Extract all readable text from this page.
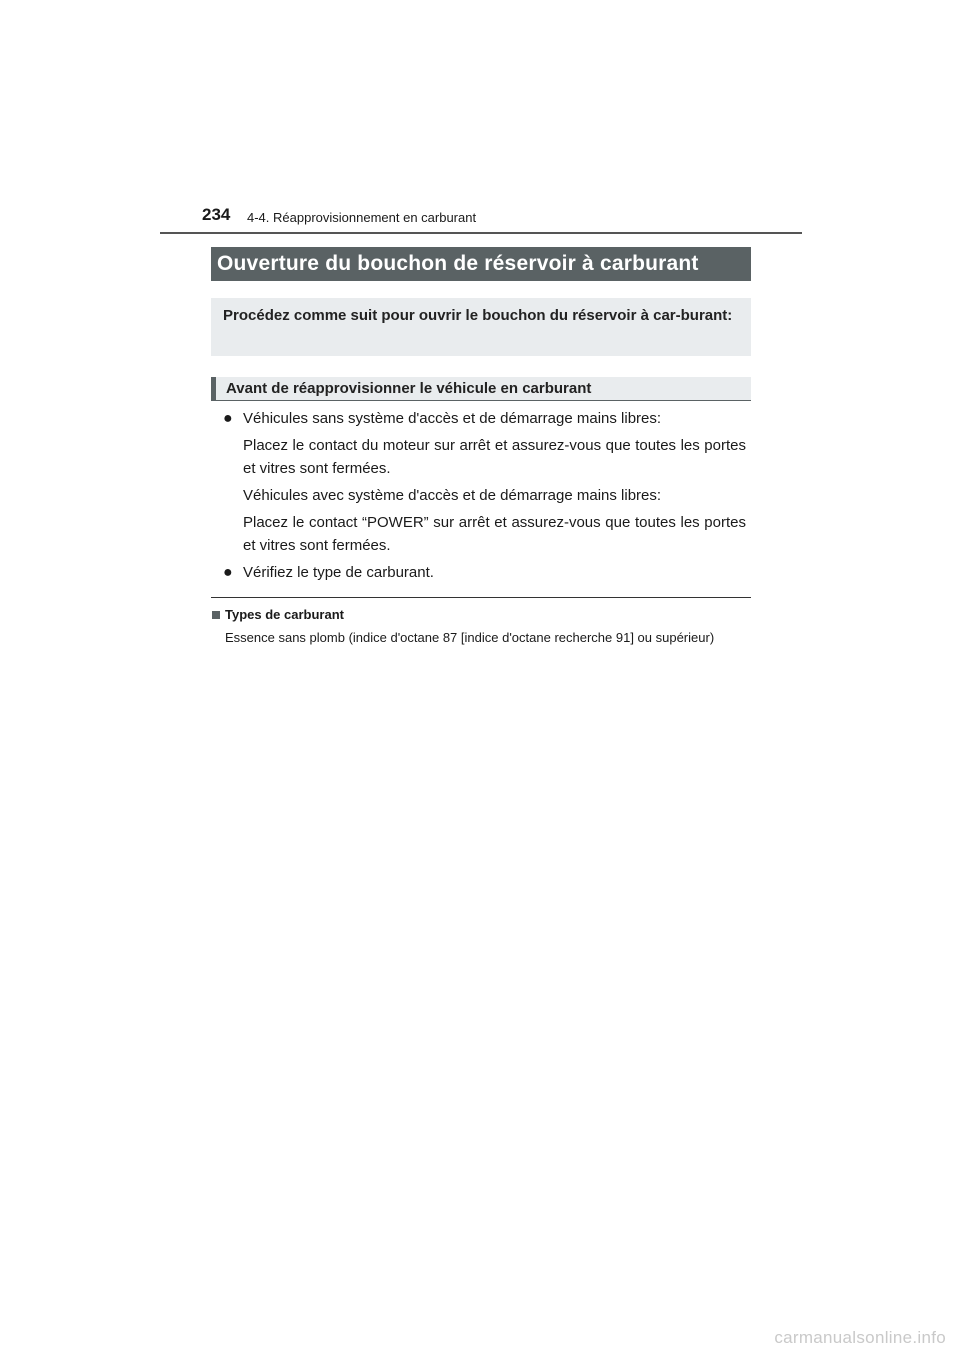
234 4-4. Réapprovisionnement en carburant
Ouverture du bouchon de réservoir à carburant
Procédez comme suit pour ouvrir le bouchon du réservoir à car-burant:
Avant de réapprovisionner le véhicule en carburant
● Véhicules sans système d'accès et de démarrage mains libres:
Placez le contact du moteur sur arrêt et assurez-vous que toutes les portes et vitres sont fermées.
Véhicules avec système d'accès et de démarrage mains libres:
Placez le contact “POWER” sur arrêt et assurez-vous que toutes les portes et vitres sont fermées.
● Vérifiez le type de carburant.
Types de carburant
Essence sans plomb (indice d'octane 87 [indice d'octane recherche 91] ou supérieur)
carmanualsonline.info
